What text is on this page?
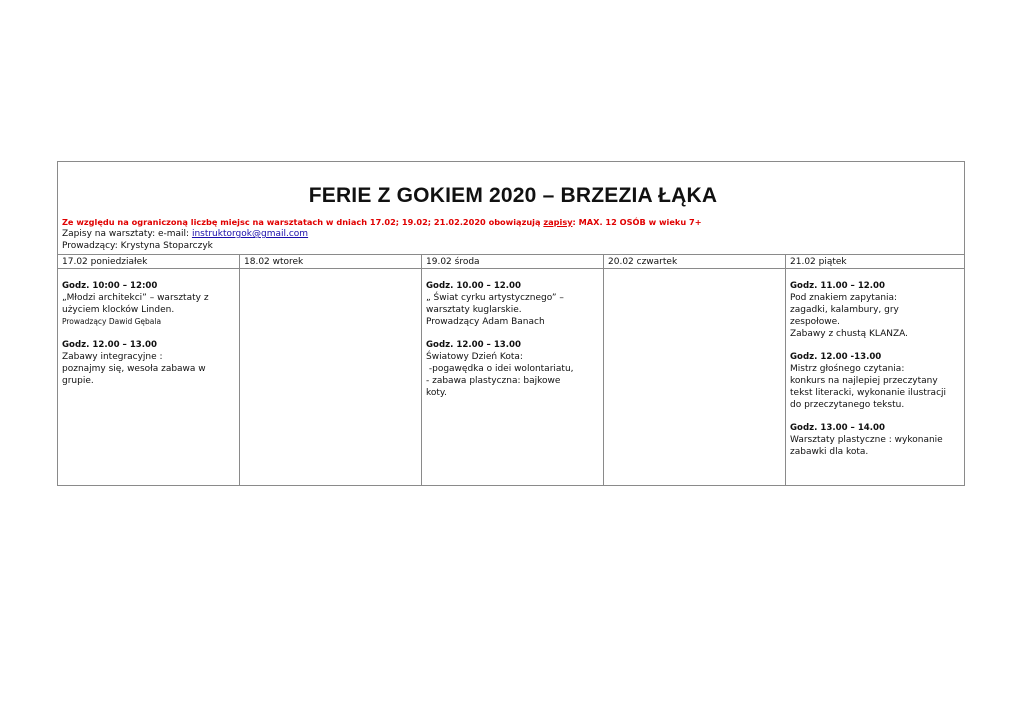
FERIE Z GOKIEM 2020 – BRZEZIA ŁĄKA
Ze względu na ograniczoną liczbę miejsc na warsztatach w dniach 17.02; 19.02; 21.02.2020 obowiązują zapisy: MAX. 12 OSÓB w wieku 7+
Zapisy na warsztaty: e-mail: instruktorgok@gmail.com
Prowadzący: Krystyna Stoparczyk
17.02 poniedziałek
Godz. 10:00 – 12:00
„Młodzi architekci” – warsztaty z
użyciem klocków Linden.
Prowadzący Dawid Gębala
Godz. 12.00 – 13.00
Zabawy integracyjne :
poznajmy się, wesoła zabawa w
grupie.
18.02 wtorek	19.02 środa
Godz. 10.00 – 12.00
„ Świat cyrku artystycznego” –
warsztaty kuglarskie.
Prowadzący Adam Banach
Godz. 12.00 – 13.00
Światowy Dzień Kota:
-pogawędka o idei wolontariatu,
- zabawa plastyczna: bajkowe
koty.
20.02 czwartek	21.02 piątek
Godz. 11.00 – 12.00
Pod znakiem zapytania:
zagadki, kalambury, gry
zespołowe.
Zabawy z chustą KLANZA.
Godz. 12.00 -13.00
Mistrz głośnego czytania:
konkurs na najlepiej przeczytany
tekst literacki, wykonanie ilustracji
do przeczytanego tekstu.
Godz. 13.00 – 14.00
Warsztaty plastyczne : wykonanie
zabawki dla kota.
